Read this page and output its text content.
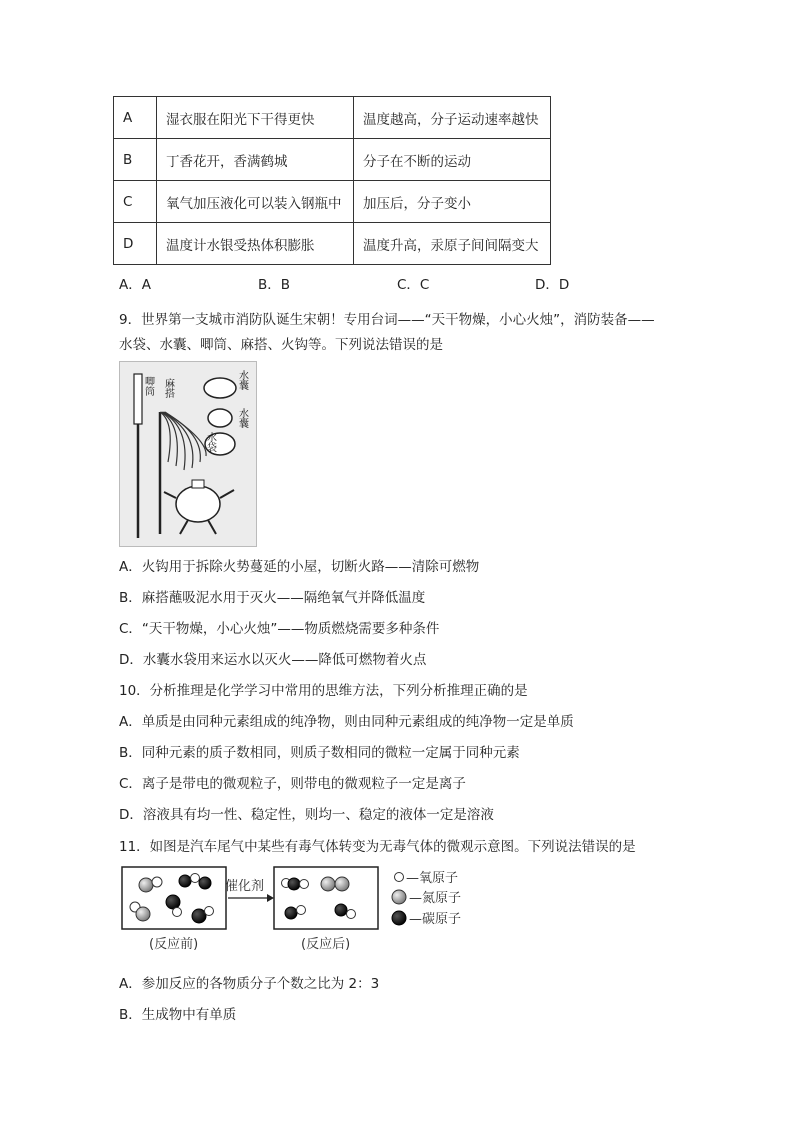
A	湿衣服在阳光下干得更快	温度越高，分子运动速率越快
B	丁香花开，香满鹤城	分子在不断的运动
C	氧气加压液化可以装入钢瓶中	加压后，分子变小
D	温度计水银受热体积膨胀	温度升高，汞原子间间隔变大
A．A	B．B	C．C	D．D
9．世界第一支城市消防队诞生宋朝！专用台词——“天干物燥，小心火烛”，消防装备——
水袋、水囊、唧筒、麻搭、火钩等。下列说法错误的是
唧筒 麻搭	水囊
水囊
水袋
A．火钩用于拆除火势蔓延的小屋，切断火路——清除可燃物
B．麻搭蘸吸泥水用于灭火——隔绝氧气并降低温度
C．“天干物燥，小心火烛”——物质燃烧需要多种条件
D．水囊水袋用来运水以灭火——降低可燃物着火点
10．分析推理是化学学习中常用的思维方法，下列分析推理正确的是
A．单质是由同种元素组成的纯净物，则由同种元素组成的纯净物一定是单质
B．同种元素的质子数相同，则质子数相同的微粒一定属于同种元素
C．离子是带电的微观粒子，则带电的微观粒子一定是离子
D．溶液具有均一性、稳定性，则均一、稳定的液体一定是溶液
11．如图是汽车尾气中某些有毒气体转变为无毒气体的微观示意图。下列说法错误的是
催化剂
—氧原子
—氮原子
—碳原子
(反应前)	(反应后)
A．参加反应的各物质分子个数之比为 2：3
B．生成物中有单质
